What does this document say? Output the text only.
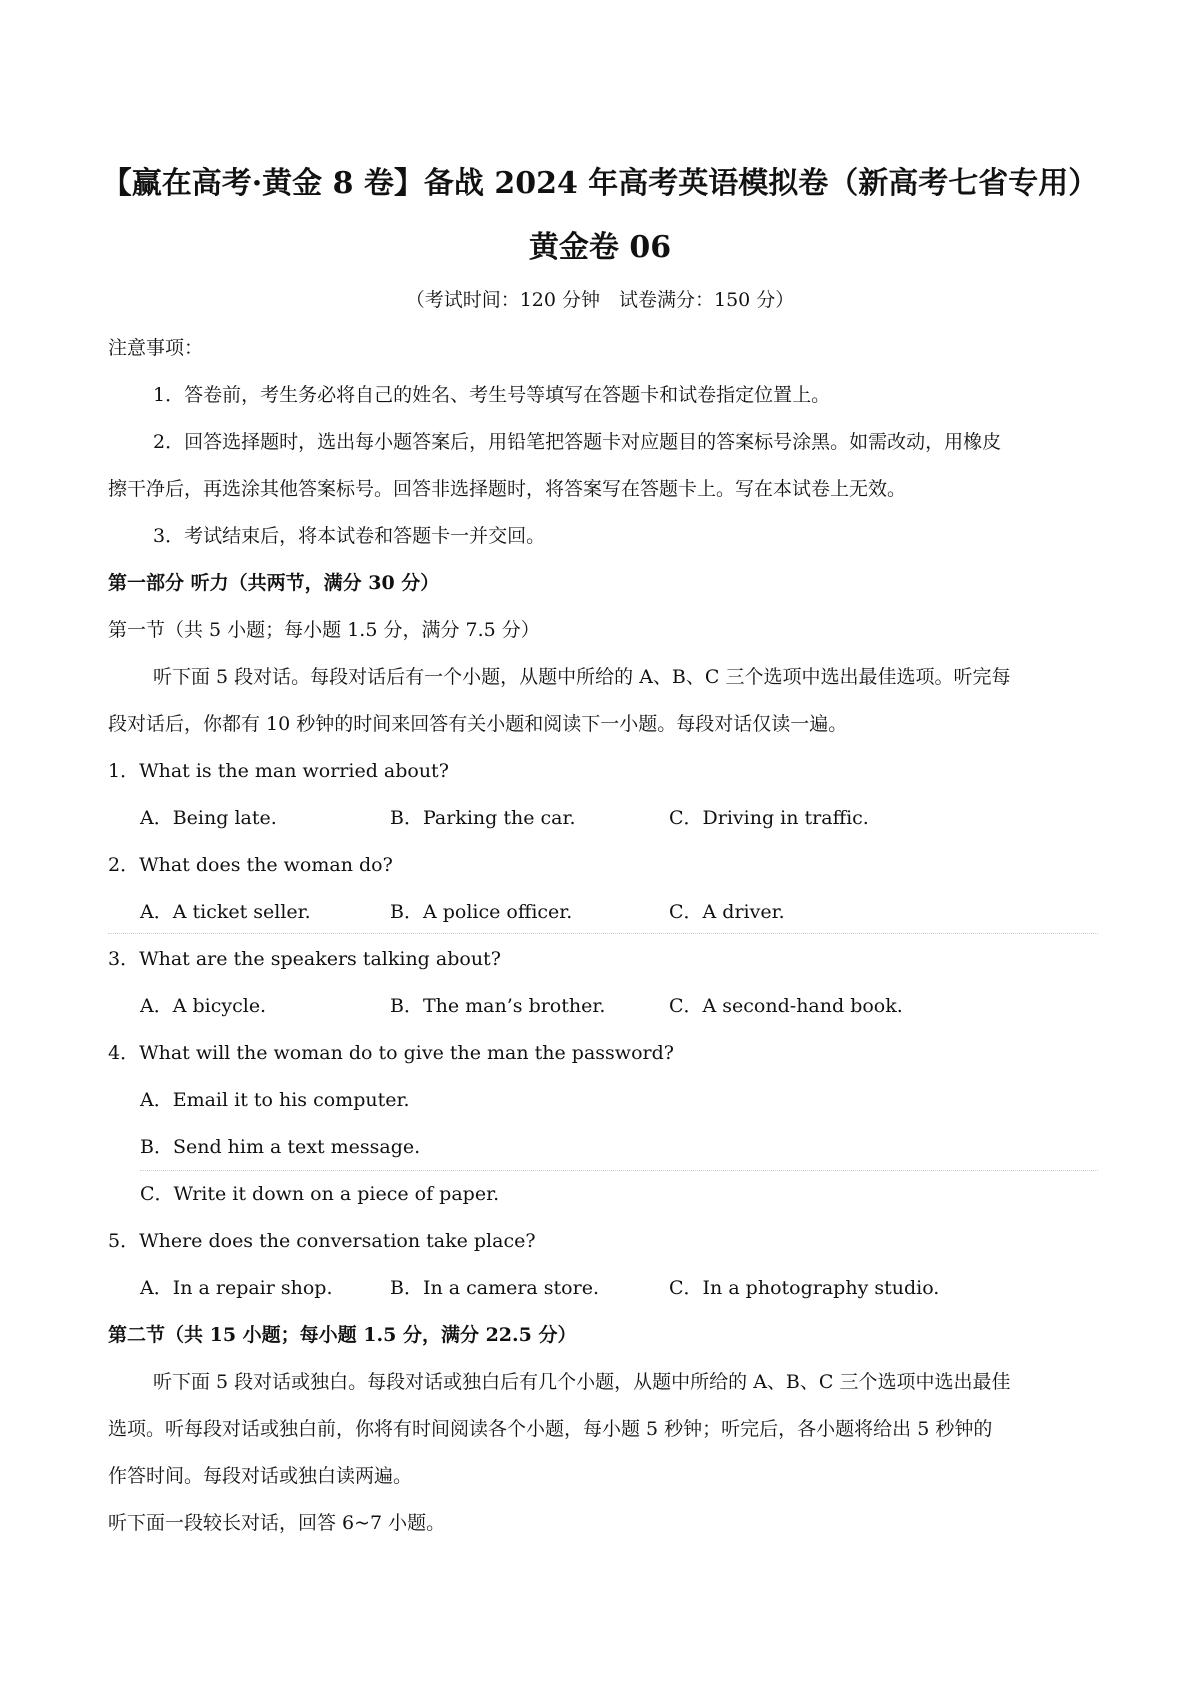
【赢在高考·黄金 8 卷】备战 2024 年高考英语模拟卷（新高考七省专用）
黄金卷 06
（考试时间：120 分钟　试卷满分：150 分）
注意事项：
1．答卷前，考生务必将自己的姓名、考生号等填写在答题卡和试卷指定位置上。
2．回答选择题时，选出每小题答案后，用铅笔把答题卡对应题目的答案标号涂黑。如需改动，用橡皮
擦干净后，再选涂其他答案标号。回答非选择题时，将答案写在答题卡上。写在本试卷上无效。
3．考试结束后，将本试卷和答题卡一并交回。
第一部分 听力（共两节，满分 30 分）
第一节（共 5 小题；每小题 1.5 分，满分 7.5 分）
听下面 5 段对话。每段对话后有一个小题，从题中所给的 A、B、C 三个选项中选出最佳选项。听完每
段对话后，你都有 10 秒钟的时间来回答有关小题和阅读下一小题。每段对话仅读一遍。
1．What is the man worried about?
A．Being late.	B．Parking the car.	C．Driving in traffic.
2．What does the woman do?
A．A ticket seller.	B．A police officer.	C．A driver.
3．What are the speakers talking about?
A．A bicycle.	B．The man’s brother.	C．A second-hand book.
4．What will the woman do to give the man the password?
A．Email it to his computer.
B．Send him a text message.
C．Write it down on a piece of paper.
5．Where does the conversation take place?
A．In a repair shop.	B．In a camera store.	C．In a photography studio.
第二节（共 15 小题；每小题 1.5 分，满分 22.5 分）
听下面 5 段对话或独白。每段对话或独白后有几个小题，从题中所给的 A、B、C 三个选项中选出最佳
选项。听每段对话或独白前，你将有时间阅读各个小题，每小题 5 秒钟；听完后，各小题将给出 5 秒钟的
作答时间。每段对话或独白读两遍。
听下面一段较长对话，回答 6~7 小题。
